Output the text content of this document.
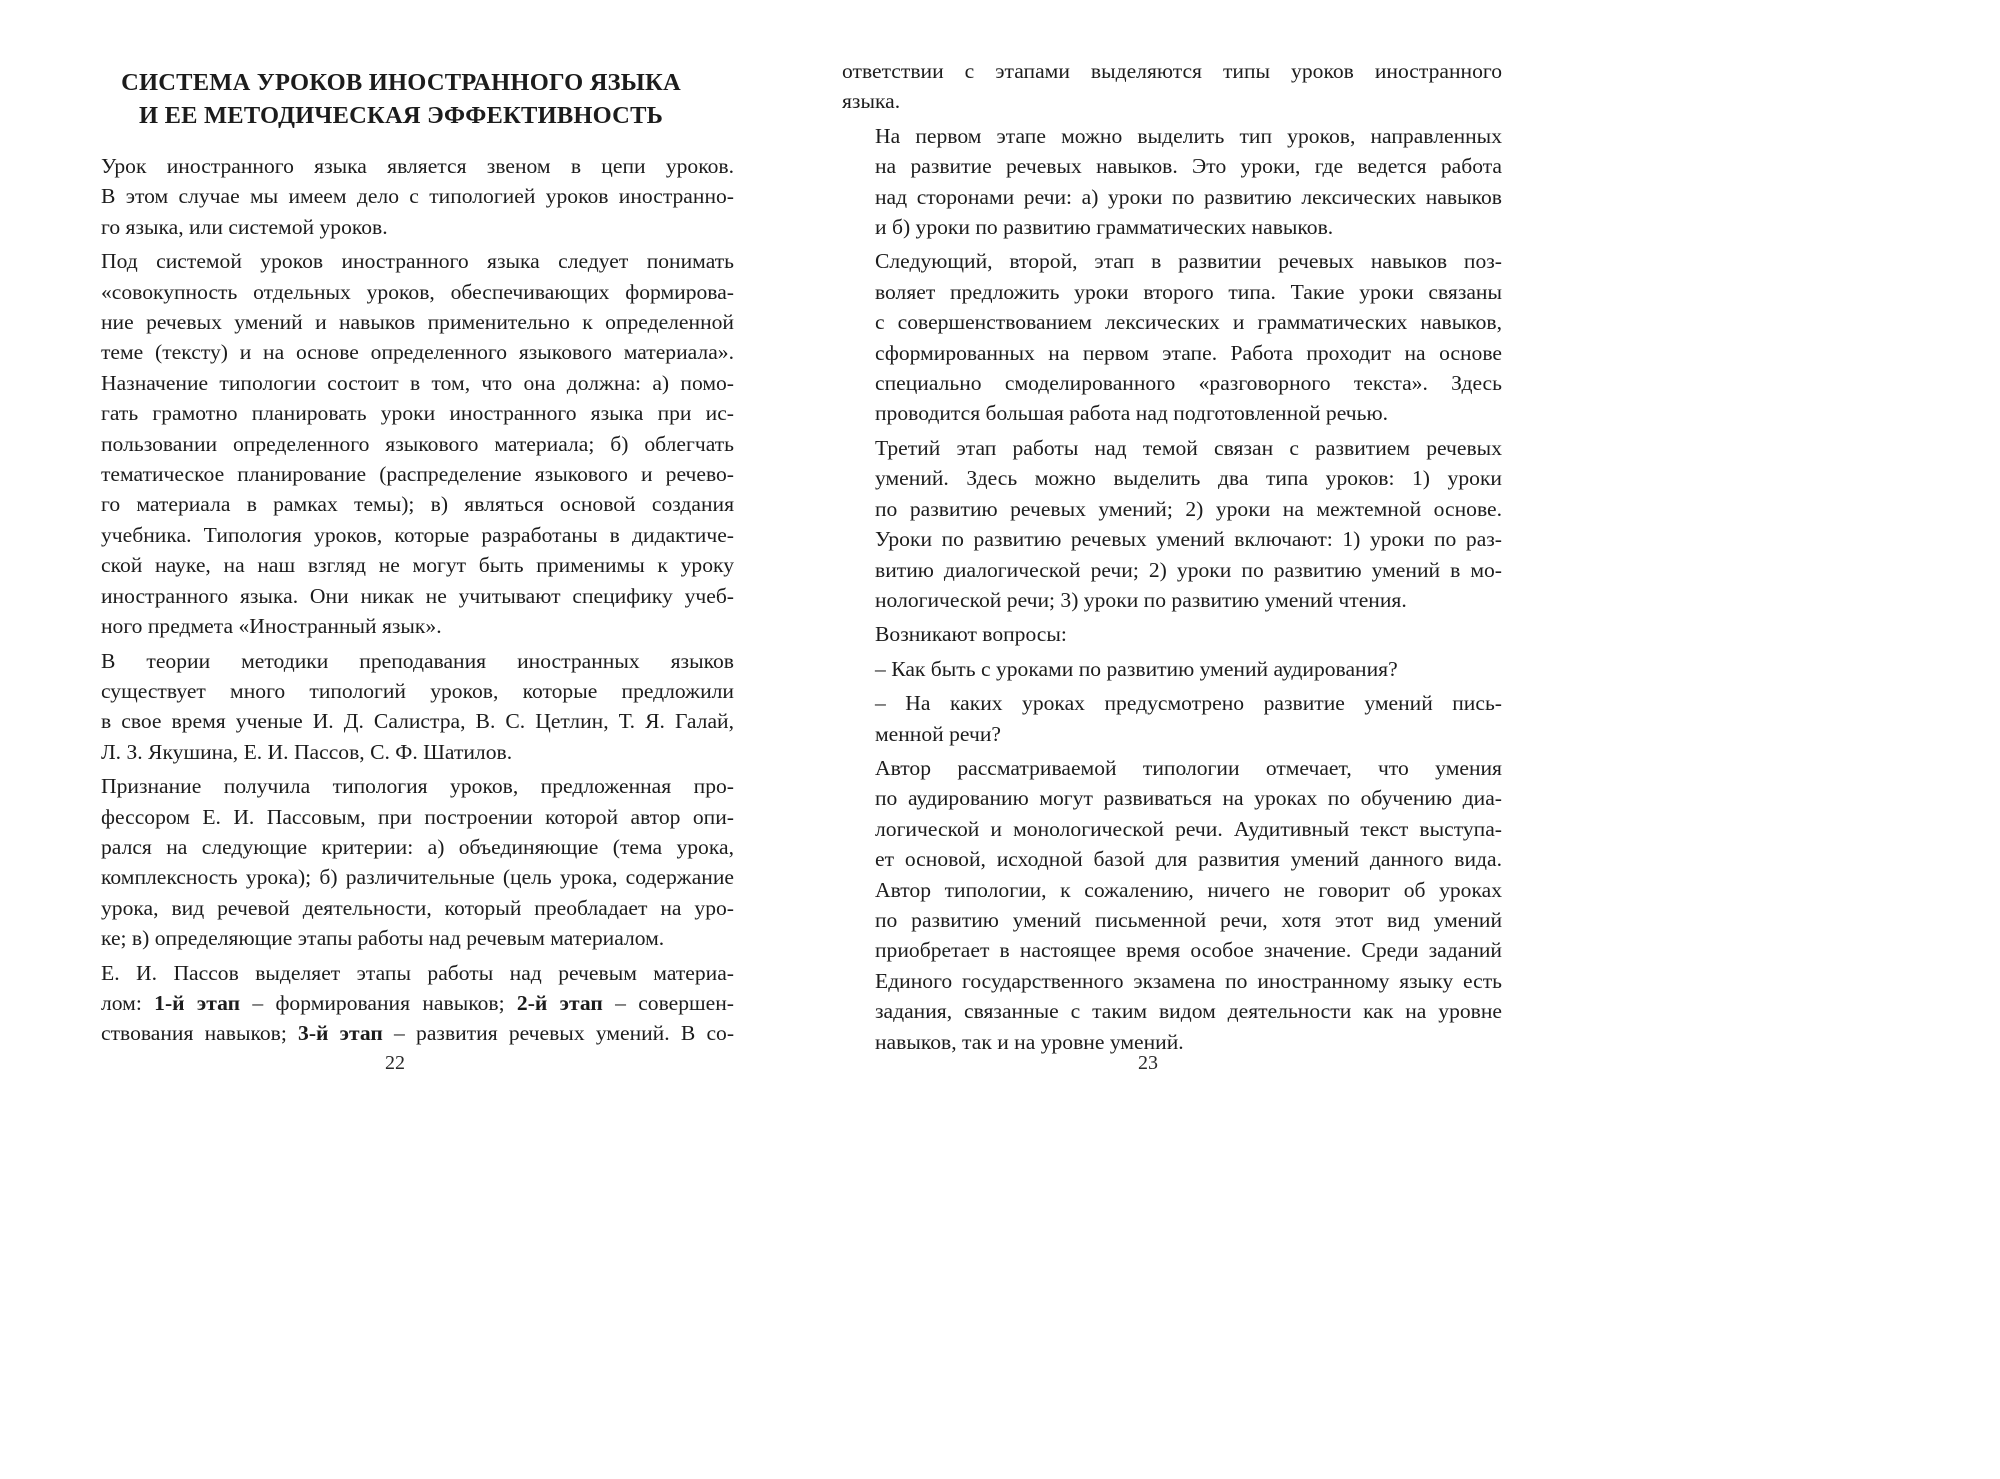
СИСТЕМА УРОКОВ ИНОСТРАННОГО ЯЗЫКА
И ЕЕ МЕТОДИЧЕСКАЯ ЭФФЕКТИВНОСТЬ
Урок иностранного языка является звеном в цепи уроков.
В этом случае мы имеем дело с типологией уроков иностранно-
го языка, или системой уроков.
Под системой уроков иностранного языка следует понимать
«совокупность отдельных уроков, обеспечивающих формирова-
ние речевых умений и навыков применительно к определенной
теме (тексту) и на основе определенного языкового материала».
Назначение типологии состоит в том, что она должна: а) помо-
гать грамотно планировать уроки иностранного языка при ис-
пользовании определенного языкового материала; б) облегчать
тематическое планирование (распределение языкового и речево-
го материала в рамках темы); в) являться основой создания
учебника. Типология уроков, которые разработаны в дидактиче-
ской науке, на наш взгляд не могут быть применимы к уроку
иностранного языка. Они никак не учитывают специфику учеб-
ного предмета «Иностранный язык».
В теории методики преподавания иностранных языков
существует много типологий уроков, которые предложили
в свое время ученые И. Д. Салистра, В. С. Цетлин, Т. Я. Галай,
Л. З. Якушина, Е. И. Пассов, С. Ф. Шатилов.
Признание получила типология уроков, предложенная про-
фессором Е. И. Пассовым, при построении которой автор опи-
рался на следующие критерии: а) объединяющие (тема урока,
комплексность урока); б) различительные (цель урока, содержание
урока, вид речевой деятельности, который преобладает на уро-
ке; в) определяющие этапы работы над речевым материалом.
Е. И. Пассов выделяет этапы работы над речевым материа-
лом: 1-й этап – формирования навыков; 2-й этап – совершен-
ствования навыков; 3-й этап – развития речевых умений. В со-
22
ответствии с этапами выделяются типы уроков иностранного
языка.
На первом этапе можно выделить тип уроков, направленных
на развитие речевых навыков. Это уроки, где ведется работа
над сторонами речи: а) уроки по развитию лексических навыков
и б) уроки по развитию грамматических навыков.
Следующий, второй, этап в развитии речевых навыков поз-
воляет предложить уроки второго типа. Такие уроки связаны
с совершенствованием лексических и грамматических навыков,
сформированных на первом этапе. Работа проходит на основе
специально смоделированного «разговорного текста». Здесь
проводится большая работа над подготовленной речью.
Третий этап работы над темой связан с развитием речевых
умений. Здесь можно выделить два типа уроков: 1) уроки
по развитию речевых умений; 2) уроки на межтемной основе.
Уроки по развитию речевых умений включают: 1) уроки по раз-
витию диалогической речи; 2) уроки по развитию умений в мо-
нологической речи; 3) уроки по развитию умений чтения.
Возникают вопросы:
– Как быть с уроками по развитию умений аудирования?
– На каких уроках предусмотрено развитие умений пись-
менной речи?
Автор рассматриваемой типологии отмечает, что умения
по аудированию могут развиваться на уроках по обучению диа-
логической и монологической речи. Аудитивный текст выступа-
ет основой, исходной базой для развития умений данного вида.
Автор типологии, к сожалению, ничего не говорит об уроках
по развитию умений письменной речи, хотя этот вид умений
приобретает в настоящее время особое значение. Среди заданий
Единого государственного экзамена по иностранному языку есть
задания, связанные с таким видом деятельности как на уровне
навыков, так и на уровне умений.
23
